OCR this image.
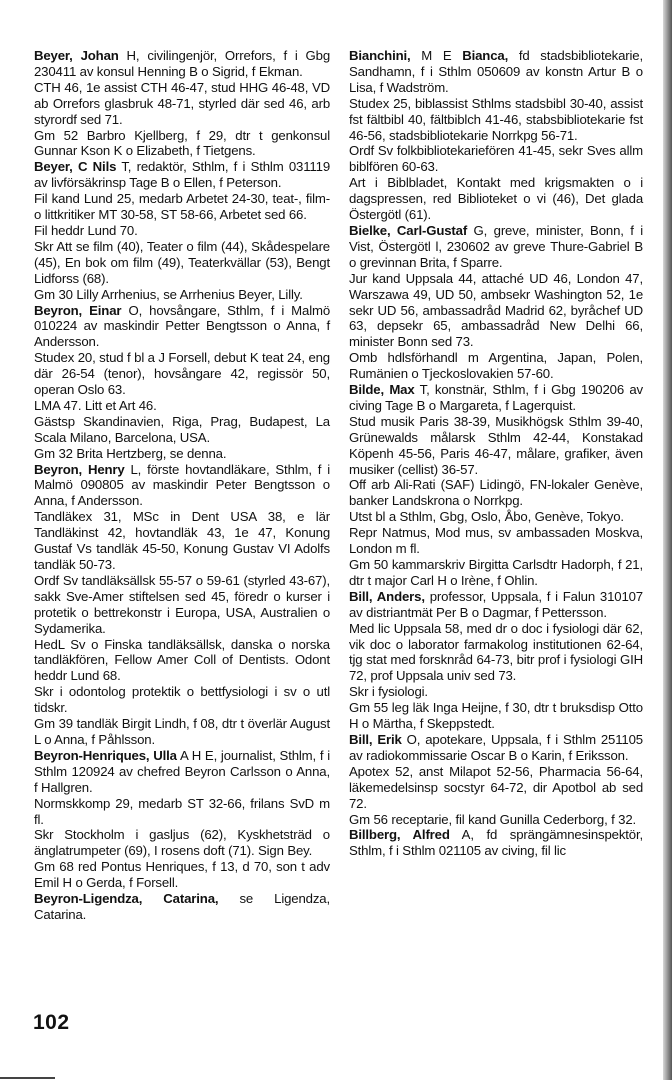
Beyer, Johan H, civilingenjör, Orrefors, f i Gbg 230411 av konsul Henning B o Sigrid, f Ekman.

CTH 46, 1e assist CTH 46-47, stud HHG 46-48, VD ab Orrefors glasbruk 48-71, styrled där sed 46, arb styrordf sed 71.

Gm 52 Barbro Kjellberg, f 29, dtr t genkonsul Gunnar Kson K o Elizabeth, f Tietgens.

Beyer, C Nils T, redaktör, Sthlm, f i Sthlm 031119 av livförsäkrinsp Tage B o Ellen, f Peterson.

Fil kand Lund 25, medarb Arbetet 24-30, teat-, film- o littkritiker MT 30-58, ST 58-66, Arbetet sed 66.

Fil heddr Lund 70.

Skr Att se film (40), Teater o film (44), Skådespelare (45), En bok om film (49), Teaterkvällar (53), Bengt Lidforss (68).

Gm 30 Lilly Arrhenius, se Arrhenius Beyer, Lilly.

Beyron, Einar O, hovsångare, Sthlm, f i Malmö 010224 av maskindir Petter Bengtsson o Anna, f Andersson.

Studex 20, stud f bl a J Forsell, debut K teat 24, eng där 26-54 (tenor), hovsångare 42, regissör 50, operan Oslo 63.

LMA 47. Litt et Art 46.

Gästsp Skandinavien, Riga, Prag, Budapest, La Scala Milano, Barcelona, USA.

Gm 32 Brita Hertzberg, se denna.

Beyron, Henry L, förste hovtandläkare, Sthlm, f i Malmö 090805 av maskindir Peter Bengtsson o Anna, f Andersson.

Tandläkex 31, MSc in Dent USA 38, e lär Tandläkinst 42, hovtandläk 43, 1e 47, Konung Gustaf Vs tandläk 45-50, Konung Gustav VI Adolfs tandläk 50-73.

Ordf Sv tandläksällsk 55-57 o 59-61 (styrled 43-67), sakk Sve-Amer stiftelsen sed 45, föredr o kurser i protetik o bettrekonstr i Europa, USA, Australien o Sydamerika.

HedL Sv o Finska tandläksällsk, danska o norska tandläkfören, Fellow Amer Coll of Dentists. Odont heddr Lund 68.

Skr i odontolog protektik o bettfysiologi i sv o utl tidskr.

Gm 39 tandläk Birgit Lindh, f 08, dtr t överlär August L o Anna, f Påhlsson.

Beyron-Henriques, Ulla A H E, journalist, Sthlm, f i Sthlm 120924 av chefred Beyron Carlsson o Anna, f Hallgren.

Normskkomp 29, medarb ST 32-66, frilans SvD m fl.

Skr Stockholm i gasljus (62), Kyskhetsträd o änglatrumpeter (69), I rosens doft (71). Sign Bey.

Gm 68 red Pontus Henriques, f 13, d 70, son t adv Emil H o Gerda, f Forsell.

Beyron-Ligendza, Catarina, se Ligendza, Catarina.

Bianchini, M E Bianca, fd stadsbibliotekarie, Sandhamn, f i Sthlm 050609 av konstn Artur B o Lisa, f Wadström.

Studex 25, biblassist Sthlms stadsbibl 30-40, assist fst fältbibl 40, fältbiblch 41-46, stabsbibliotekarie fst 46-56, stadsbibliotekarie Norrkpg 56-71.

Ordf Sv folkbibliotekariefören 41-45, sekr Sves allm biblfören 60-63.

Art i Biblbladet, Kontakt med krigsmakten o i dagspressen, red Biblioteket o vi (46), Det glada Östergötl (61).

Bielke, Carl-Gustaf G, greve, minister, Bonn, f i Vist, Östergötl l, 230602 av greve Thure-Gabriel B o grevinnan Brita, f Sparre.

Jur kand Uppsala 44, attaché UD 46, London 47, Warszawa 49, UD 50, ambsekr Washington 52, 1e sekr UD 56, ambassadråd Madrid 62, byråchef UD 63, depsekr 65, ambassadråd New Delhi 66, minister Bonn sed 73.

Omb hdlsförhandl m Argentina, Japan, Polen, Rumänien o Tjeckoslovakien 57-60.

Bilde, Max T, konstnär, Sthlm, f i Gbg 190206 av civing Tage B o Margareta, f Lagerquist.

Stud musik Paris 38-39, Musikhögsk Sthlm 39-40, Grünewalds målarsk Sthlm 42-44, Konstakad Köpenh 45-56, Paris 46-47, målare, grafiker, även musiker (cellist) 36-57.

Off arb Ali-Rati (SAF) Lidingö, FN-lokaler Genève, banker Landskrona o Norrkpg.

Utst bl a Sthlm, Gbg, Oslo, Åbo, Genève, Tokyo.

Repr Natmus, Mod mus, sv ambassaden Moskva, London m fl.

Gm 50 kammarskriv Birgitta Carlsdtr Hadorph, f 21, dtr t major Carl H o Irène, f Ohlin.

Bill, Anders, professor, Uppsala, f i Falun 310107 av distriantmät Per B o Dagmar, f Pettersson.

Med lic Uppsala 58, med dr o doc i fysiologi där 62, vik doc o laborator farmakolog institutionen 62-64, tjg stat med forsknråd 64-73, bitr prof i fysiologi GIH 72, prof Uppsala univ sed 73.

Skr i fysiologi.

Gm 55 leg läk Inga Heijne, f 30, dtr t bruksdisp Otto H o Märtha, f Skeppstedt.

Bill, Erik O, apotekare, Uppsala, f i Sthlm 251105 av radiokommissarie Oscar B o Karin, f Eriksson.

Apotex 52, anst Milapot 52-56, Pharmacia 56-64, läkemedelsinsp socstyr 64-72, dir Apotbol ab sed 72.

Gm 56 receptarie, fil kand Gunilla Cederborg, f 32.

Billberg, Alfred A, fd sprängämnesinspektör, Sthlm, f i Sthlm 021105 av civing, fil lic

102
